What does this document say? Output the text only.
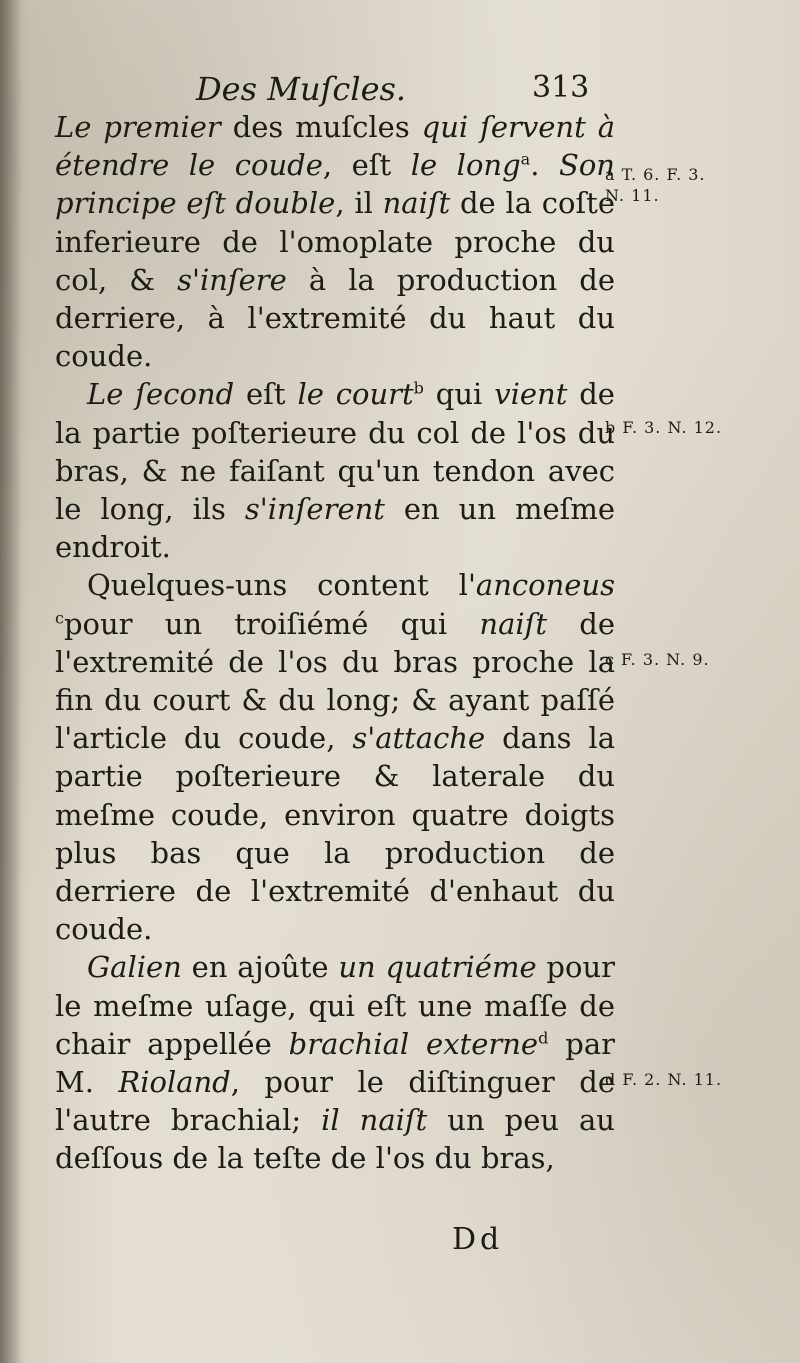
Des Muſcles.	313

Le premier des muſcles qui ſervent à étendre le coude, eſt le long$^a$. Son principe eſt double, il naiſt de la coſte inferieure de l'omoplate proche du col, & s'inſere à la production de derriere, à l'extremité du haut du coude.

Le ſecond eſt le court$^b$ qui vient de la partie poſterieure du col de l'os du bras, & ne faiſant qu'un tendon avec le long, ils s'inſerent en un meſme endroit.

Quelques-uns content l'anconeus $^c$pour un troiſiémé qui naiſt de l'extremité de l'os du bras proche la fin du court & du long; & ayant paſſé l'article du coude, s'attache dans la partie poſterieure & laterale du meſme coude, environ quatre doigts plus bas que la production de derriere de l'extremité d'enhaut du coude.

Galien en ajoûte un quatriéme pour le meſme uſage, qui eſt une maſſe de chair appellée brachial externe$^d$ par M. Rioland, pour le diſtinguer de l'autre brachial; il naiſt un peu au deſſous de la teſte de l'os du bras,

a T. 6. F. 3.
N. 11.
b F. 3. N. 12.
c F. 3. N. 9.
d F. 2. N. 11.
Dd
